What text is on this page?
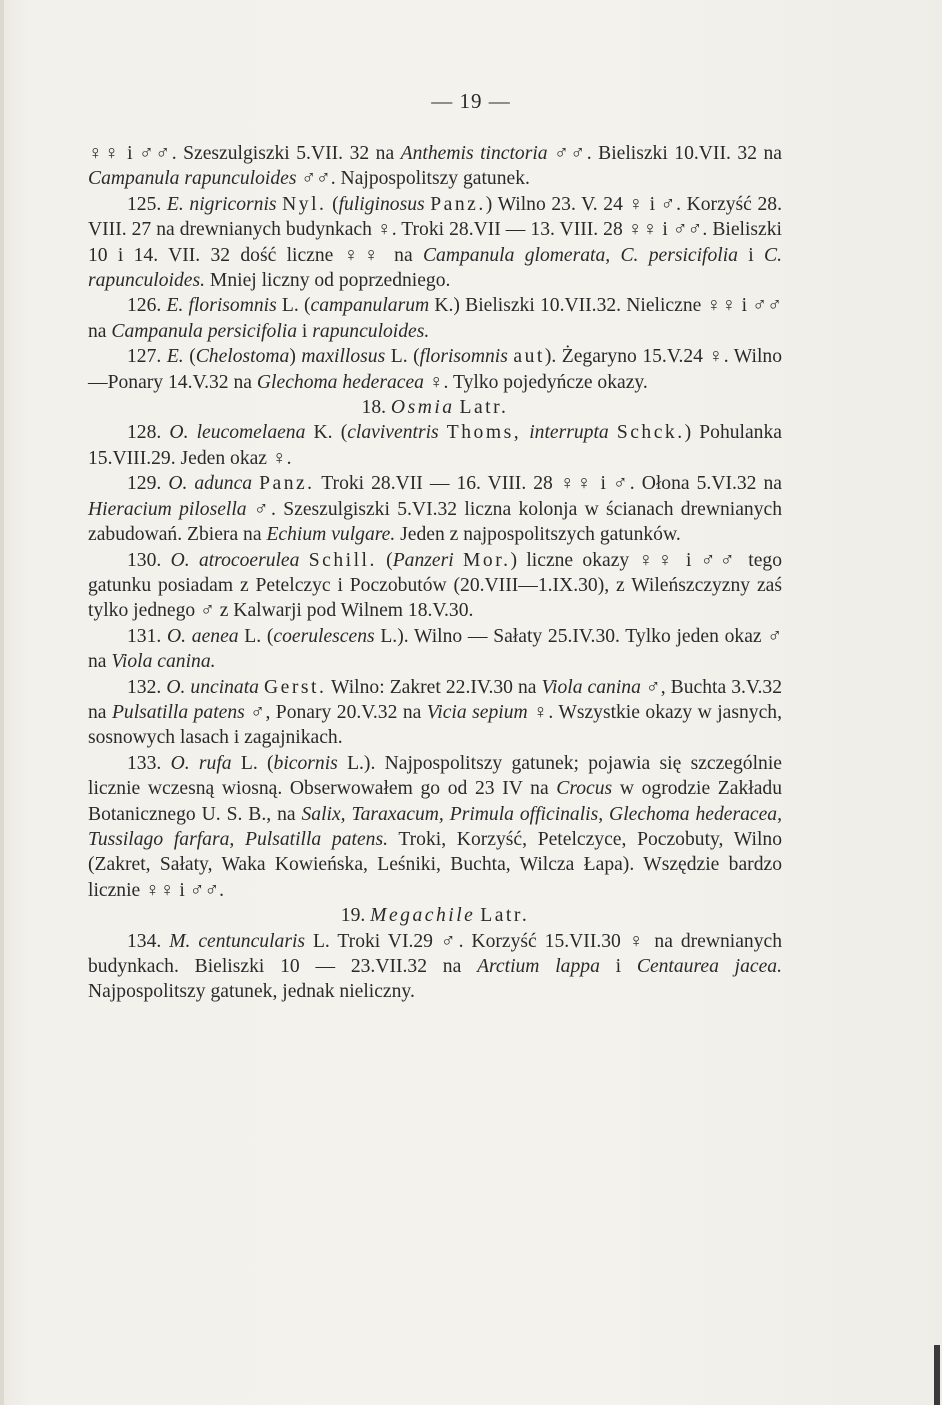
— 19 —

♀♀ i ♂♂. Szeszulgiszki 5.VII. 32 na Anthemis tinctoria ♂♂. Bieliszki 10.VII. 32 na Campanula rapunculoides ♂♂. Najpospolitszy gatunek.

125. E. nigricornis Nyl. (fuliginosus Panz.) Wilno 23. V. 24 ♀ i ♂. Korzyść 28. VIII. 27 na drewnianych budynkach ♀. Troki 28.VII — 13. VIII. 28 ♀♀ i ♂♂. Bieliszki 10 i 14. VII. 32 dość liczne ♀♀ na Campanula glomerata, C. persicifolia i C. rapunculoides. Mniej liczny od poprzedniego.

126. E. florisomnis L. (campanularum K.) Bieliszki 10.VII.32. Nieliczne ♀♀ i ♂♂ na Campanula persicifolia i rapunculoides.

127. E. (Chelostoma) maxillosus L. (florisomnis aut). Żegaryno 15.V.24 ♀. Wilno—Ponary 14.V.32 na Glechoma hederacea ♀. Tylko pojedyńcze okazy.

18. Osmia Latr.

128. O. leucomelaena K. (claviventris Thoms, interrupta Schck.) Pohulanka 15.VIII.29. Jeden okaz ♀.

129. O. adunca Panz. Troki 28.VII — 16. VIII. 28 ♀♀ i ♂. Ołona 5.VI.32 na Hieracium pilosella ♂. Szeszulgiszki 5.VI.32 liczna kolonja w ścianach drewnianych zabudowań. Zbiera na Echium vulgare. Jeden z najpospolitszych gatunków.

130. O. atrocoerulea Schill. (Panzeri Mor.) liczne okazy ♀♀ i ♂♂ tego gatunku posiadam z Petelczyc i Poczobutów (20.VIII—1.IX.30), z Wileńszczyzny zaś tylko jednego ♂ z Kalwarji pod Wilnem 18.V.30.

131. O. aenea L. (coerulescens L.). Wilno — Sałaty 25.IV.30. Tylko jeden okaz ♂ na Viola canina.

132. O. uncinata Gerst. Wilno: Zakret 22.IV.30 na Viola canina ♂, Buchta 3.V.32 na Pulsatilla patens ♂, Ponary 20.V.32 na Vicia sepium ♀. Wszystkie okazy w jasnych, sosnowych lasach i zagajnikach.

133. O. rufa L. (bicornis L.). Najpospolitszy gatunek; pojawia się szczególnie licznie wczesną wiosną. Obserwowałem go od 23 IV na Crocus w ogrodzie Zakładu Botanicznego U. S. B., na Salix, Taraxacum, Primula officinalis, Glechoma hederacea, Tussilago farfara, Pulsatilla patens. Troki, Korzyść, Petelczyce, Poczobuty, Wilno (Zakret, Sałaty, Waka Kowieńska, Leśniki, Buchta, Wilcza Łapa). Wszędzie bardzo licznie ♀♀ i ♂♂.

19. Megachile Latr.

134. M. centuncularis L. Troki VI.29 ♂. Korzyść 15.VII.30 ♀ na drewnianych budynkach. Bieliszki 10 — 23.VII.32 na Arctium lappa i Centaurea jacea. Najpospolitszy gatunek, jednak nieliczny.
